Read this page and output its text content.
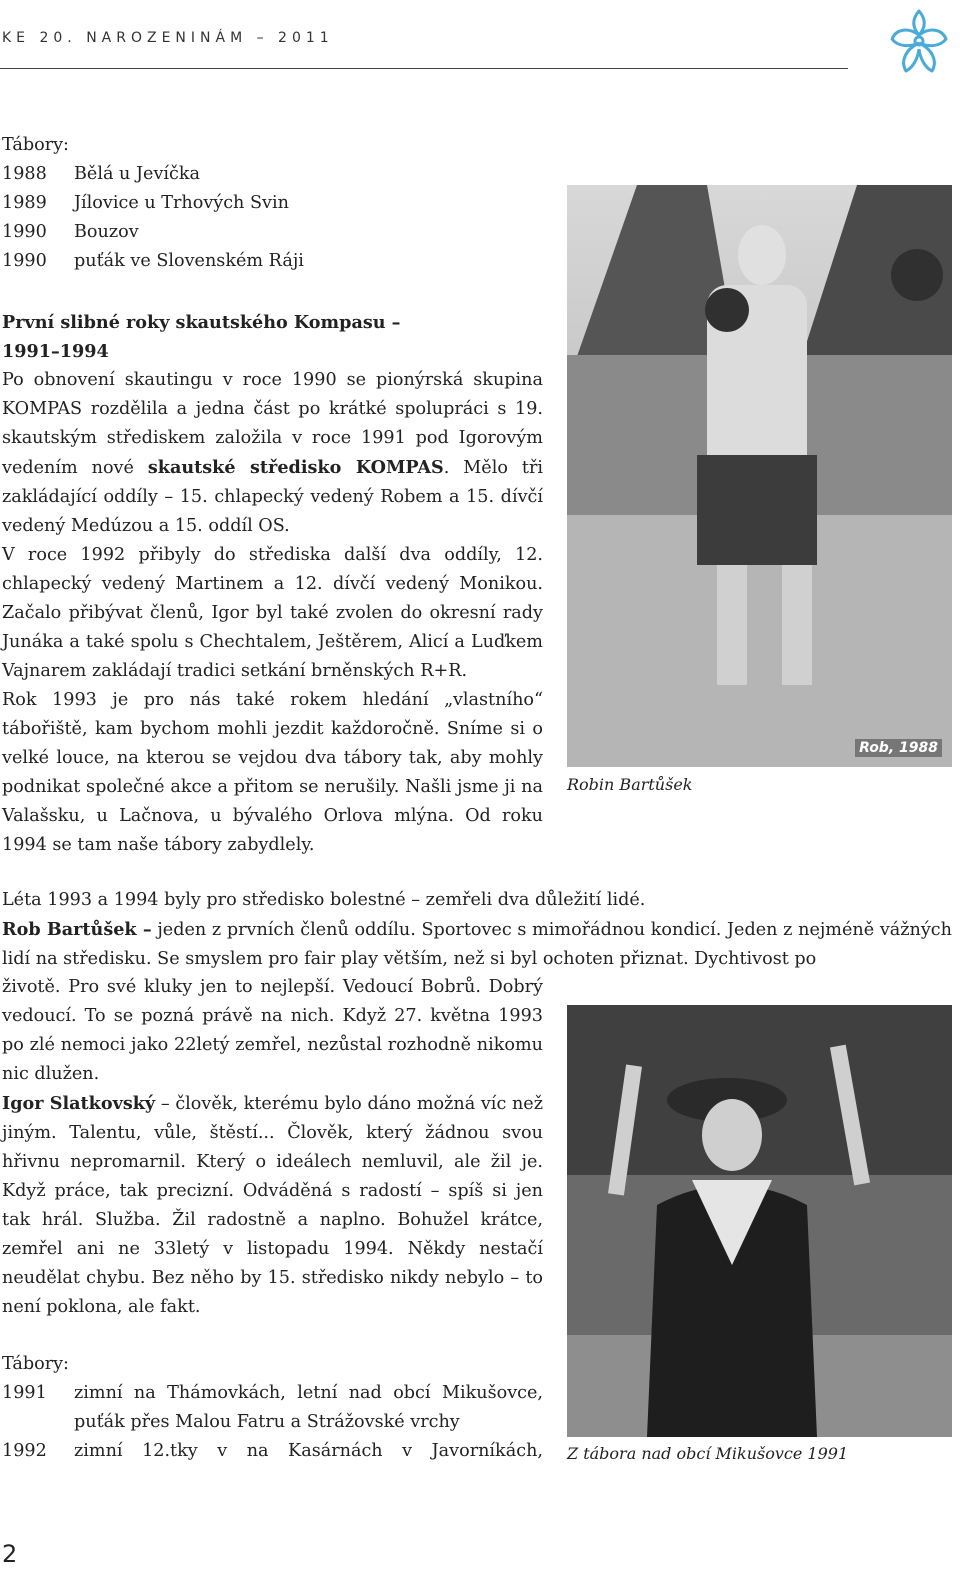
KE 20. NAROZENINÁM – 2011
Tábory:
1988	Bělá u Jevíčka
1989	Jílovice u Trhových Svin
1990	Bouzov
1990	puťák ve Slovenském Ráji
První slibné roky skautského Kompasu –
1991–1994
Po obnovení skautingu v roce 1990 se pionýrská skupina KOMPAS rozdělila a jedna část po krátké spolupráci s 19. skautským střediskem založila v roce 1991 pod Igorovým vedením nové skautské středisko KOMPAS. Mělo tři zakládající oddíly – 15. chlapecký vedený Robem a 15. dívčí vedený Medúzou a 15. oddíl OS.
V roce 1992 přibyly do střediska další dva oddíly, 12. chlapecký vedený Martinem a 12. dívčí vedený Monikou. Začalo přibývat členů, Igor byl také zvolen do okresní rady Junáka a také spolu s Chechtalem, Ještěrem, Alicí a Luďkem Vajnarem zakládají tradici setkání brněnských R+R.
Rok 1993 je pro nás také rokem hledání „vlastního“ tábořiště, kam bychom mohli jezdit každoročně. Sníme si o velké louce, na kterou se vejdou dva tábory tak, aby mohly podnikat společné akce a přitom se nerušily. Našli jsme ji na Valašsku, u Lačnova, u bývalého Orlova mlýna. Od roku 1994 se tam naše tábory zabydlely.
Rob, 1988
Robin Bartůšek
Léta 1993 a 1994 byly pro středisko bolestné – zemřeli dva důležití lidé.
Rob Bartůšek – jeden z prvních členů oddílu. Sportovec s mimořádnou kondicí. Jeden z nejméně vážných lidí na středisku. Se smyslem pro fair play větším, než si byl ochoten přiznat. Dychtivost po
životě. Pro své kluky jen to nejlepší. Vedoucí Bobrů. Dobrý vedoucí. To se pozná právě na nich. Když 27. května 1993 po zlé nemoci jako 22letý zemřel, nezůstal rozhodně nikomu nic dlužen.
Igor Slatkovský – člověk, kterému bylo dáno možná víc než jiným. Talentu, vůle, štěstí... Člověk, který žádnou svou hřivnu nepromarnil. Který o ideálech nemluvil, ale žil je. Když práce, tak precizní. Odváděná s radostí – spíš si jen tak hrál. Služba. Žil radostně a naplno. Bohužel krátce, zemřel ani ne 33letý v listopadu 1994. Někdy nestačí neudělat chybu. Bez něho by 15. středisko nikdy nebylo – to není poklona, ale fakt.
Z tábora nad obcí Mikušovce 1991
Tábory:
1991	zimní na Thámovkách, letní nad obcí Mikušovce, puťák přes Malou Fatru a Strážovské vrchy
1992	zimní 12.tky v na Kasárnách v Javorníkách,
2
